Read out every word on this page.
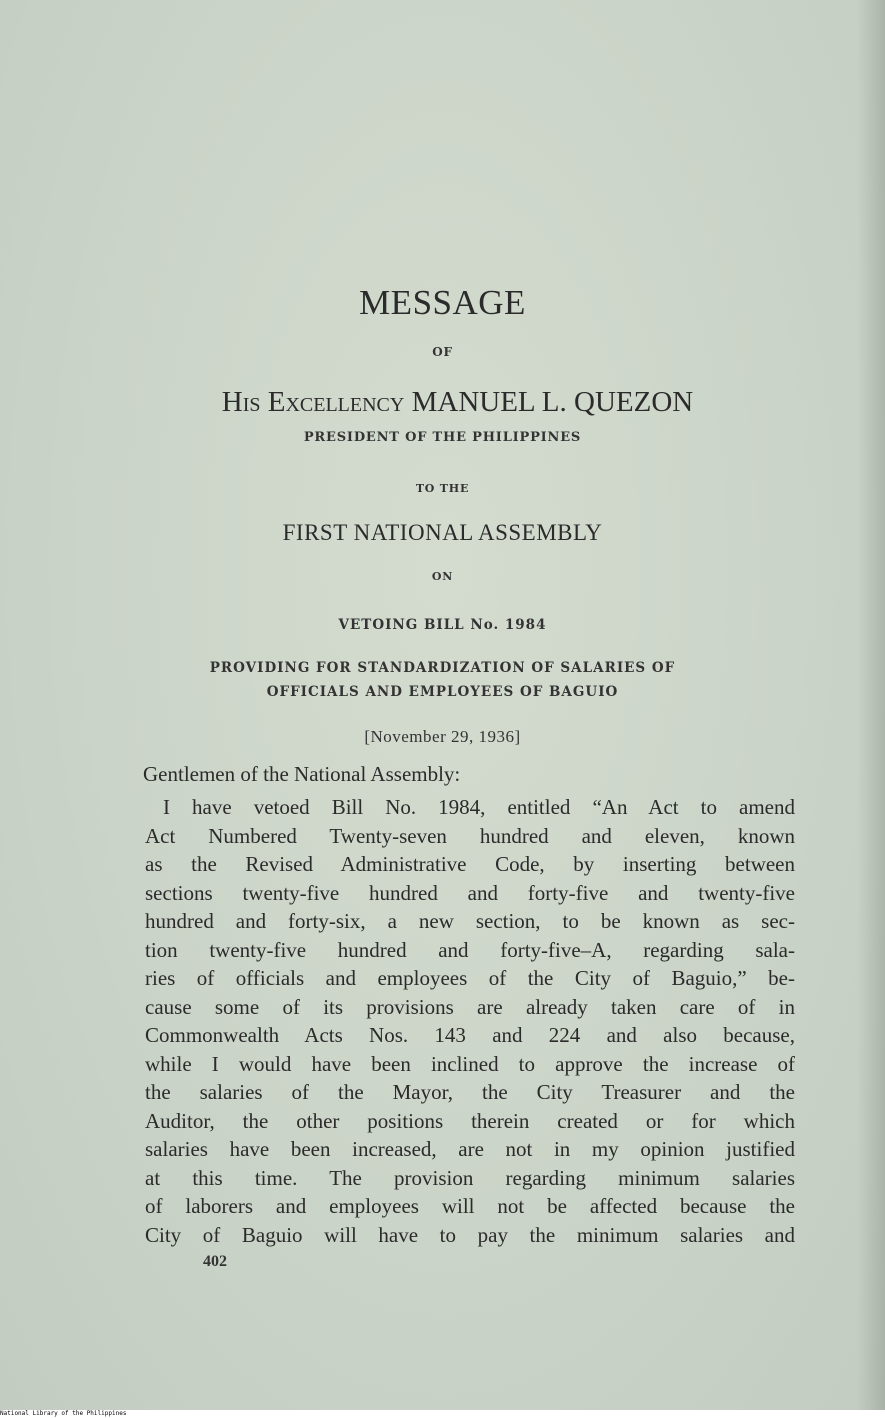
MESSAGE
OF
His Excellency MANUEL L. QUEZON
PRESIDENT OF THE PHILIPPINES
TO THE
FIRST NATIONAL ASSEMBLY
ON
VETOING BILL No. 1984
PROVIDING FOR STANDARDIZATION OF SALARIES OF
OFFICIALS AND EMPLOYEES OF BAGUIO
[November 29, 1936]
Gentlemen of the National Assembly:
I have vetoed Bill No. 1984, entitled “An Act to amend
Act Numbered Twenty-seven hundred and eleven, known
as the Revised Administrative Code, by inserting between
sections twenty-five hundred and forty-five and twenty-five
hundred and forty-six, a new section, to be known as sec-
tion twenty-five hundred and forty-five–A, regarding sala-
ries of officials and employees of the City of Baguio,” be-
cause some of its provisions are already taken care of in
Commonwealth Acts Nos. 143 and 224 and also because,
while I would have been inclined to approve the increase of
the salaries of the Mayor, the City Treasurer and the
Auditor, the other positions therein created or for which
salaries have been increased, are not in my opinion justified
at this time. The provision regarding minimum salaries
of laborers and employees will not be affected because the
City of Baguio will have to pay the minimum salaries and
402
National Library of the Philippines
